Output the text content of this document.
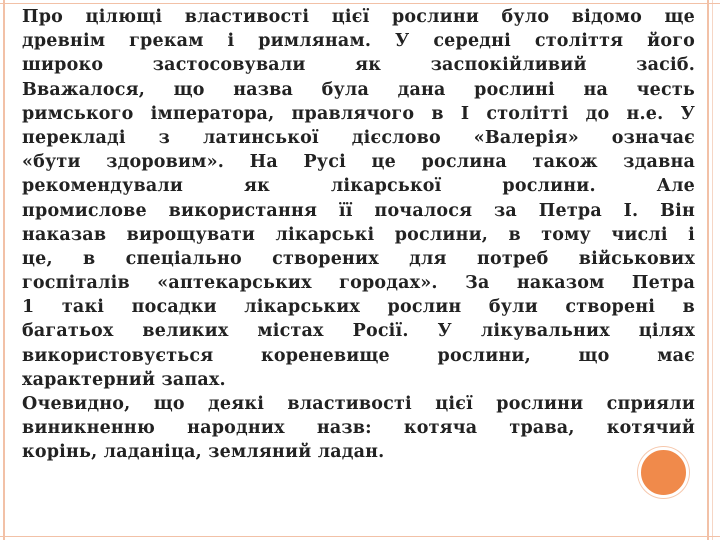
Про цілющі властивості цієї рослини було відомо ще
древнім грекам і римлянам. У середні століття його
широко застосовували як заспокійливий засіб.
Вважалося, що назва була дана рослині на честь
римського імператора, правлячого в I столітті до н.е. У
перекладі з латинської дієслово «Валерія» означає
«бути здоровим». На Русі це рослина також здавна
рекомендували як лікарської рослини. Але
промислове використання її почалося за Петра I. Він
наказав вирощувати лікарські рослини, в тому числі і
це, в спеціально створених для потреб військових
госпіталів «аптекарських городах». За наказом Петра
1 такі посадки лікарських рослин були створені в
багатьох великих містах Росії. У лікувальних цілях
використовується кореневище рослини, що має
характерний запах.
Очевидно, що деякі властивості цієї рослини сприяли
виникненню народних назв: котяча трава, котячий
корінь, ладаніца, земляний ладан.
